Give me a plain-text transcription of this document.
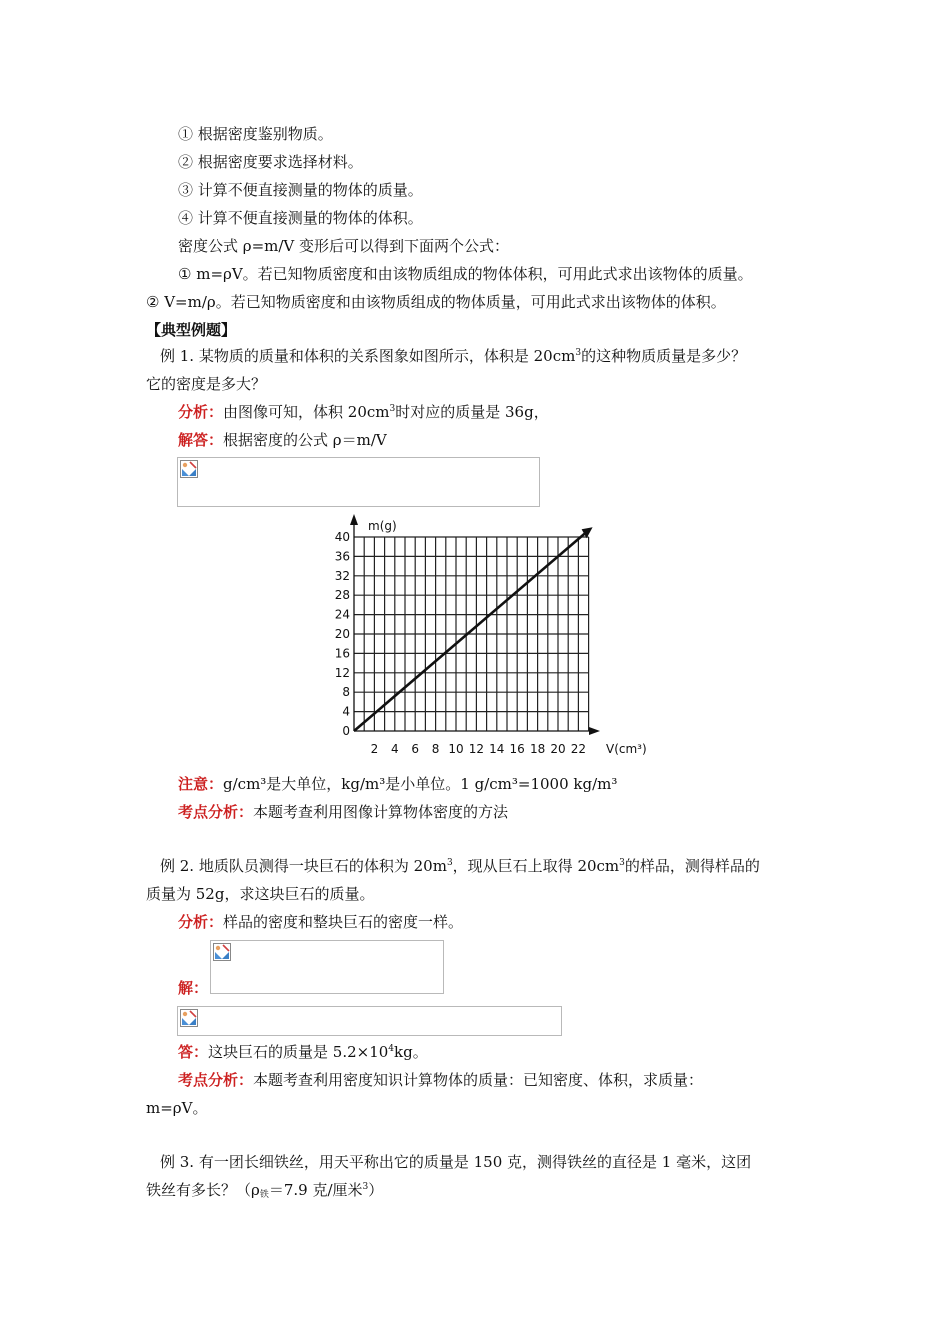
① 根据密度鉴别物质。
② 根据密度要求选择材料。
③ 计算不便直接测量的物体的质量。
④ 计算不便直接测量的物体的体积。
密度公式 ρ=m/V 变形后可以得到下面两个公式：
① m=ρV。若已知物质密度和由该物质组成的物体体积，可用此式求出该物体的质量。
② V=m/ρ。若已知物质密度和由该物质组成的物体质量，可用此式求出该物体的体积。
【典型例题】
例 1. 某物质的质量和体积的关系图象如图所示，体积是 $20cm^3$的这种物质质量是多少？
它的密度是多大？
分析：由图像可知，体积 $20cm^3$时对应的质量是 36g，
解答：根据密度的公式 ρ＝m/V
0
4
8
12
16
20
24
28
32
36
40
2 4 6 8 10 12 14 16 18 20 22
m(g)
V(cm³)
注意：g/cm³是大单位，kg/m³是小单位。1 g/cm³=1000 kg/m³
考点分析：本题考查利用图像计算物体密度的方法
例 2. 地质队员测得一块巨石的体积为 $20m^3$，现从巨石上取得 $20cm^3$的样品，测得样品的
质量为 52g，求这块巨石的质量。
分析：样品的密度和整块巨石的密度一样。
解：
答：这块巨石的质量是 $5.2\times 10^4kg$。
考点分析：本题考查利用密度知识计算物体的质量：已知密度、体积，求质量：
m=ρV。
例 3. 有一团长细铁丝，用天平称出它的质量是 150 克，测得铁丝的直径是 1 毫米，这团
铁丝有多长？（$\rho_铁=7.9$ 克/厘米$^3$）
